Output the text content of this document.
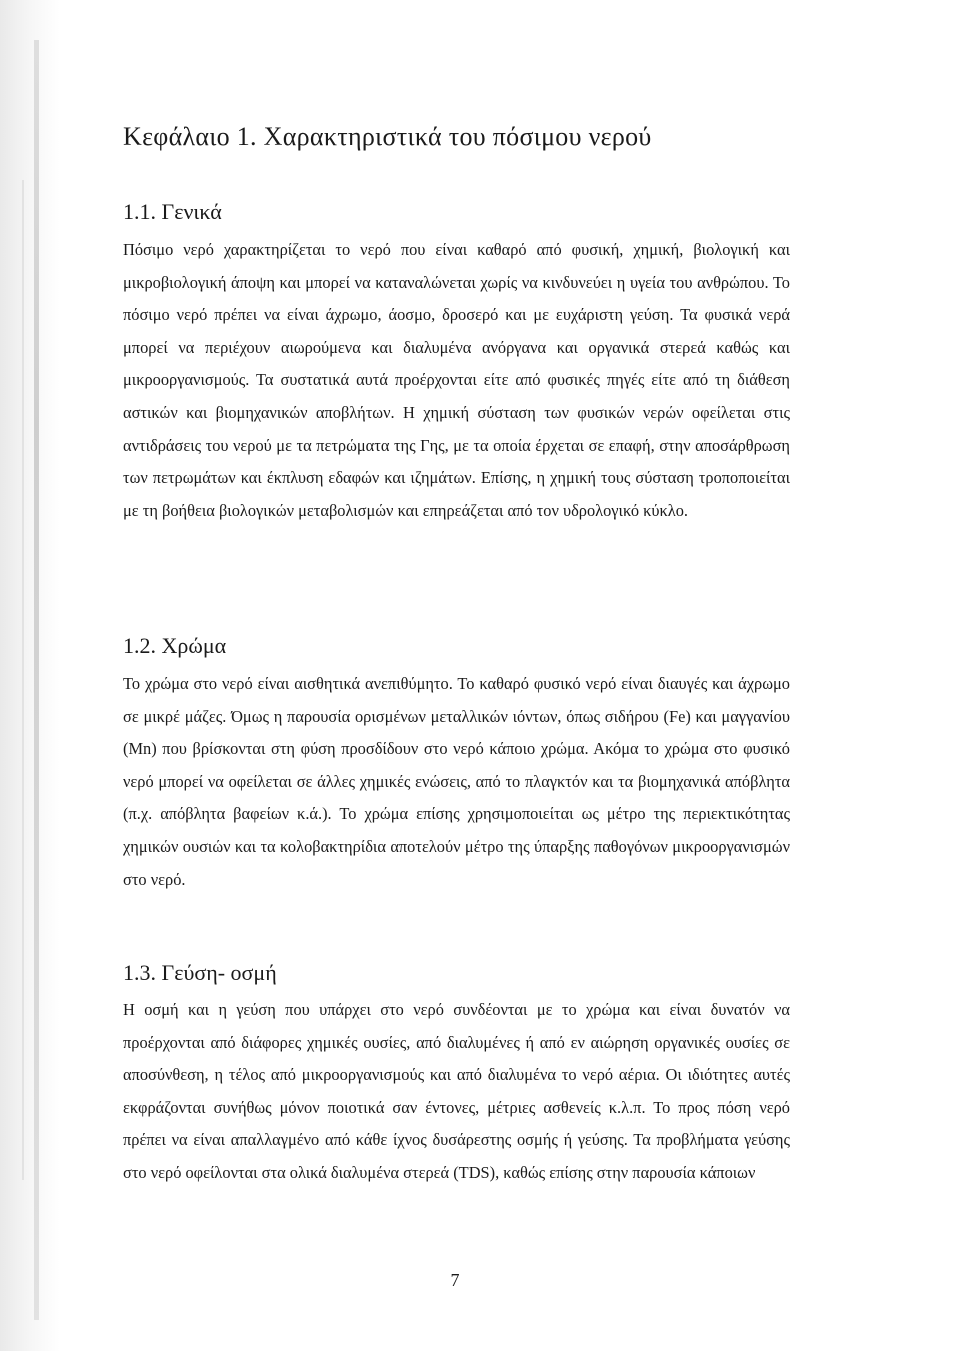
Κεφάλαιο 1. Χαρακτηριστικά του πόσιμου νερού
1.1. Γενικά

Πόσιμο νερό χαρακτηρίζεται το νερό που είναι καθαρό από φυσική, χημική, βιολογική και μικροβιολογική άποψη και μπορεί να καταναλώνεται χωρίς να κινδυνεύει η υγεία του ανθρώπου. Το πόσιμο νερό πρέπει να είναι άχρωμο, άοσμο, δροσερό και με ευχάριστη γεύση. Τα φυσικά νερά μπορεί να περιέχουν αιωρούμενα και διαλυμένα ανόργανα και οργανικά στερεά καθώς και μικροοργανισμούς. Τα συστατικά αυτά προέρχονται είτε από φυσικές πηγές είτε από τη διάθεση αστικών και βιομηχανικών αποβλήτων. Η χημική σύσταση των φυσικών νερών οφείλεται στις αντιδράσεις του νερού με τα πετρώματα της Γης, με τα οποία έρχεται σε επαφή, στην αποσάρθρωση των πετρωμάτων και έκπλυση εδαφών και ιζημάτων. Επίσης, η χημική τους σύσταση τροποποιείται με τη βοήθεια βιολογικών μεταβολισμών και επηρεάζεται από τον υδρολογικό κύκλο.

1.2. Χρώμα

Το χρώμα στο νερό είναι αισθητικά ανεπιθύμητο. Το καθαρό φυσικό νερό είναι διαυγές και άχρωμο σε μικρέ μάζες. Όμως η παρουσία ορισμένων μεταλλικών ιόντων, όπως σιδήρου (Fe) και μαγγανίου (Mn) που βρίσκονται στη φύση προσδίδουν στο νερό κάποιο χρώμα. Ακόμα το χρώμα στο φυσικό νερό μπορεί να οφείλεται σε άλλες χημικές ενώσεις, από το πλαγκτόν και τα βιομηχανικά απόβλητα (π.χ. απόβλητα βαφείων κ.ά.). Το χρώμα επίσης χρησιμοποιείται ως μέτρο της περιεκτικότητας χημικών ουσιών και τα κολοβακτηρίδια αποτελούν μέτρο της ύπαρξης παθογόνων μικροοργανισμών στο νερό.

1.3. Γεύση- οσμή

Η οσμή και η γεύση που υπάρχει στο νερό συνδέονται με το χρώμα και είναι δυνατόν να προέρχονται από διάφορες χημικές ουσίες, από διαλυμένες ή από εν αιώρηση οργανικές ουσίες σε αποσύνθεση, η τέλος από μικροοργανισμούς και από διαλυμένα το νερό αέρια. Οι ιδιότητες αυτές εκφράζονται συνήθως μόνον ποιοτικά σαν έντονες, μέτριες ασθενείς κ.λ.π. Το προς πόση νερό πρέπει να είναι απαλλαγμένο από κάθε ίχνος δυσάρεστης οσμής ή γεύσης. Τα προβλήματα γεύσης στο νερό οφείλονται στα ολικά διαλυμένα στερεά (TDS), καθώς επίσης στην παρουσία κάποιων

7
